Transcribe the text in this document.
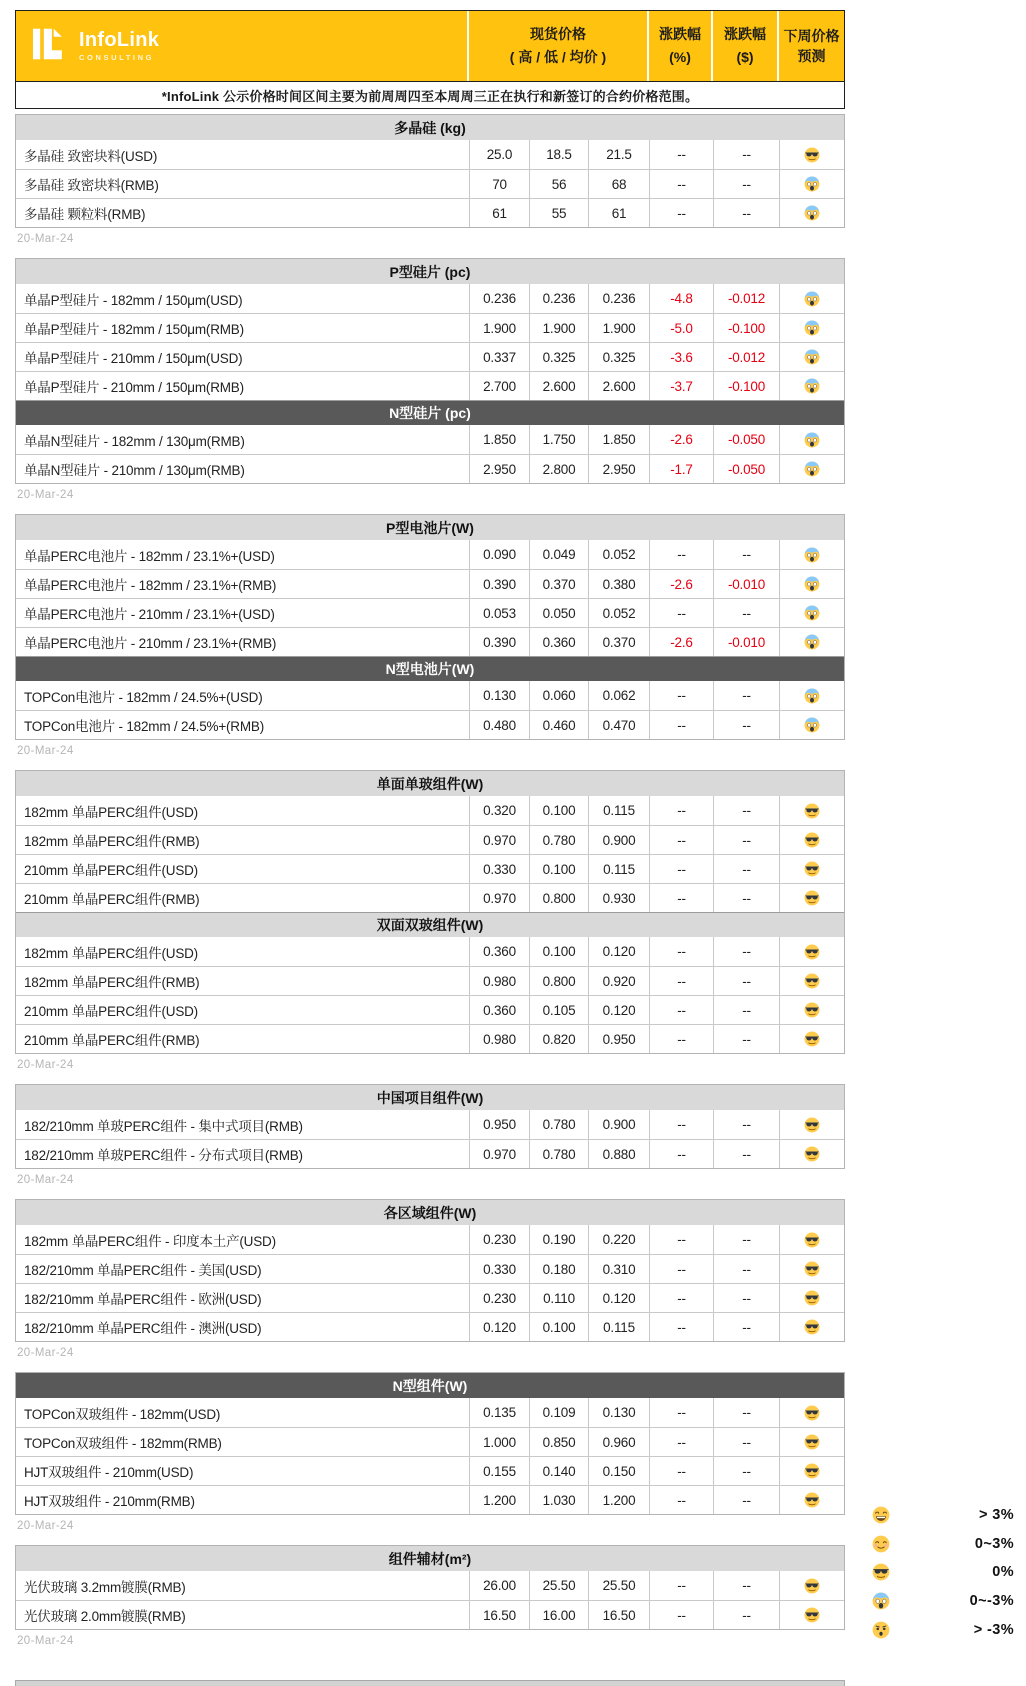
InfoLink
CONSULTING
现货价格
( 高 / 低 / 均价 )
涨跌幅
(%)
涨跌幅
($)
下周价格
预测
*InfoLink 公示价格时间区间主要为前周周四至本周周三正在执行和新签订的合约价格范围。
多晶硅 (kg)
多晶硅 致密块料(USD)	25.0	18.5	21.5	--	--
多晶硅 致密块料(RMB)	70	56	68	--	--
多晶硅 颗粒料(RMB)	61	55	61	--	--
20-Mar-24
P型硅片 (pc)
单晶P型硅片 - 182mm / 150μm(USD)	0.236	0.236	0.236	-4.8	-0.012
单晶P型硅片 - 182mm / 150μm(RMB)	1.900	1.900	1.900	-5.0	-0.100
单晶P型硅片 - 210mm / 150μm(USD)	0.337	0.325	0.325	-3.6	-0.012
单晶P型硅片 - 210mm / 150μm(RMB)	2.700	2.600	2.600	-3.7	-0.100
N型硅片 (pc)
单晶N型硅片 - 182mm / 130μm(RMB)	1.850	1.750	1.850	-2.6	-0.050
单晶N型硅片 - 210mm / 130μm(RMB)	2.950	2.800	2.950	-1.7	-0.050
20-Mar-24
P型电池片(W)
单晶PERC电池片 - 182mm / 23.1%+(USD)	0.090	0.049	0.052	--	--
单晶PERC电池片 - 182mm / 23.1%+(RMB)	0.390	0.370	0.380	-2.6	-0.010
单晶PERC电池片 - 210mm / 23.1%+(USD)	0.053	0.050	0.052	--	--
单晶PERC电池片 - 210mm / 23.1%+(RMB)	0.390	0.360	0.370	-2.6	-0.010
N型电池片(W)
TOPCon电池片 - 182mm / 24.5%+(USD)	0.130	0.060	0.062	--	--
TOPCon电池片 - 182mm / 24.5%+(RMB)	0.480	0.460	0.470	--	--
20-Mar-24
单面单玻组件(W)
182mm 单晶PERC组件(USD)	0.320	0.100	0.115	--	--
182mm 单晶PERC组件(RMB)	0.970	0.780	0.900	--	--
210mm 单晶PERC组件(USD)	0.330	0.100	0.115	--	--
210mm 单晶PERC组件(RMB)	0.970	0.800	0.930	--	--
双面双玻组件(W)
182mm 单晶PERC组件(USD)	0.360	0.100	0.120	--	--
182mm 单晶PERC组件(RMB)	0.980	0.800	0.920	--	--
210mm 单晶PERC组件(USD)	0.360	0.105	0.120	--	--
210mm 单晶PERC组件(RMB)	0.980	0.820	0.950	--	--
20-Mar-24
中国项目组件(W)
182/210mm 单玻PERC组件 - 集中式项目(RMB)	0.950	0.780	0.900	--	--
182/210mm 单玻PERC组件 - 分布式项目(RMB)	0.970	0.780	0.880	--	--
20-Mar-24
各区域组件(W)
182mm 单晶PERC组件 - 印度本土产(USD)	0.230	0.190	0.220	--	--
182/210mm 单晶PERC组件 - 美国(USD)	0.330	0.180	0.310	--	--
182/210mm 单晶PERC组件 - 欧洲(USD)	0.230	0.110	0.120	--	--
182/210mm 单晶PERC组件 - 澳洲(USD)	0.120	0.100	0.115	--	--
20-Mar-24
N型组件(W)
TOPCon双玻组件 - 182mm(USD)	0.135	0.109	0.130	--	--
TOPCon双玻组件 - 182mm(RMB)	1.000	0.850	0.960	--	--
HJT双玻组件 - 210mm(USD)	0.155	0.140	0.150	--	--
HJT双玻组件 - 210mm(RMB)	1.200	1.030	1.200	--	--
20-Mar-24
组件辅材(m²)
光伏玻璃 3.2mm镀膜(RMB)	26.00	25.50	25.50	--	--
光伏玻璃 2.0mm镀膜(RMB)	16.50	16.00	16.50	--	--
20-Mar-24
> 3%
0~3%
0%
0~-3%
> -3%
